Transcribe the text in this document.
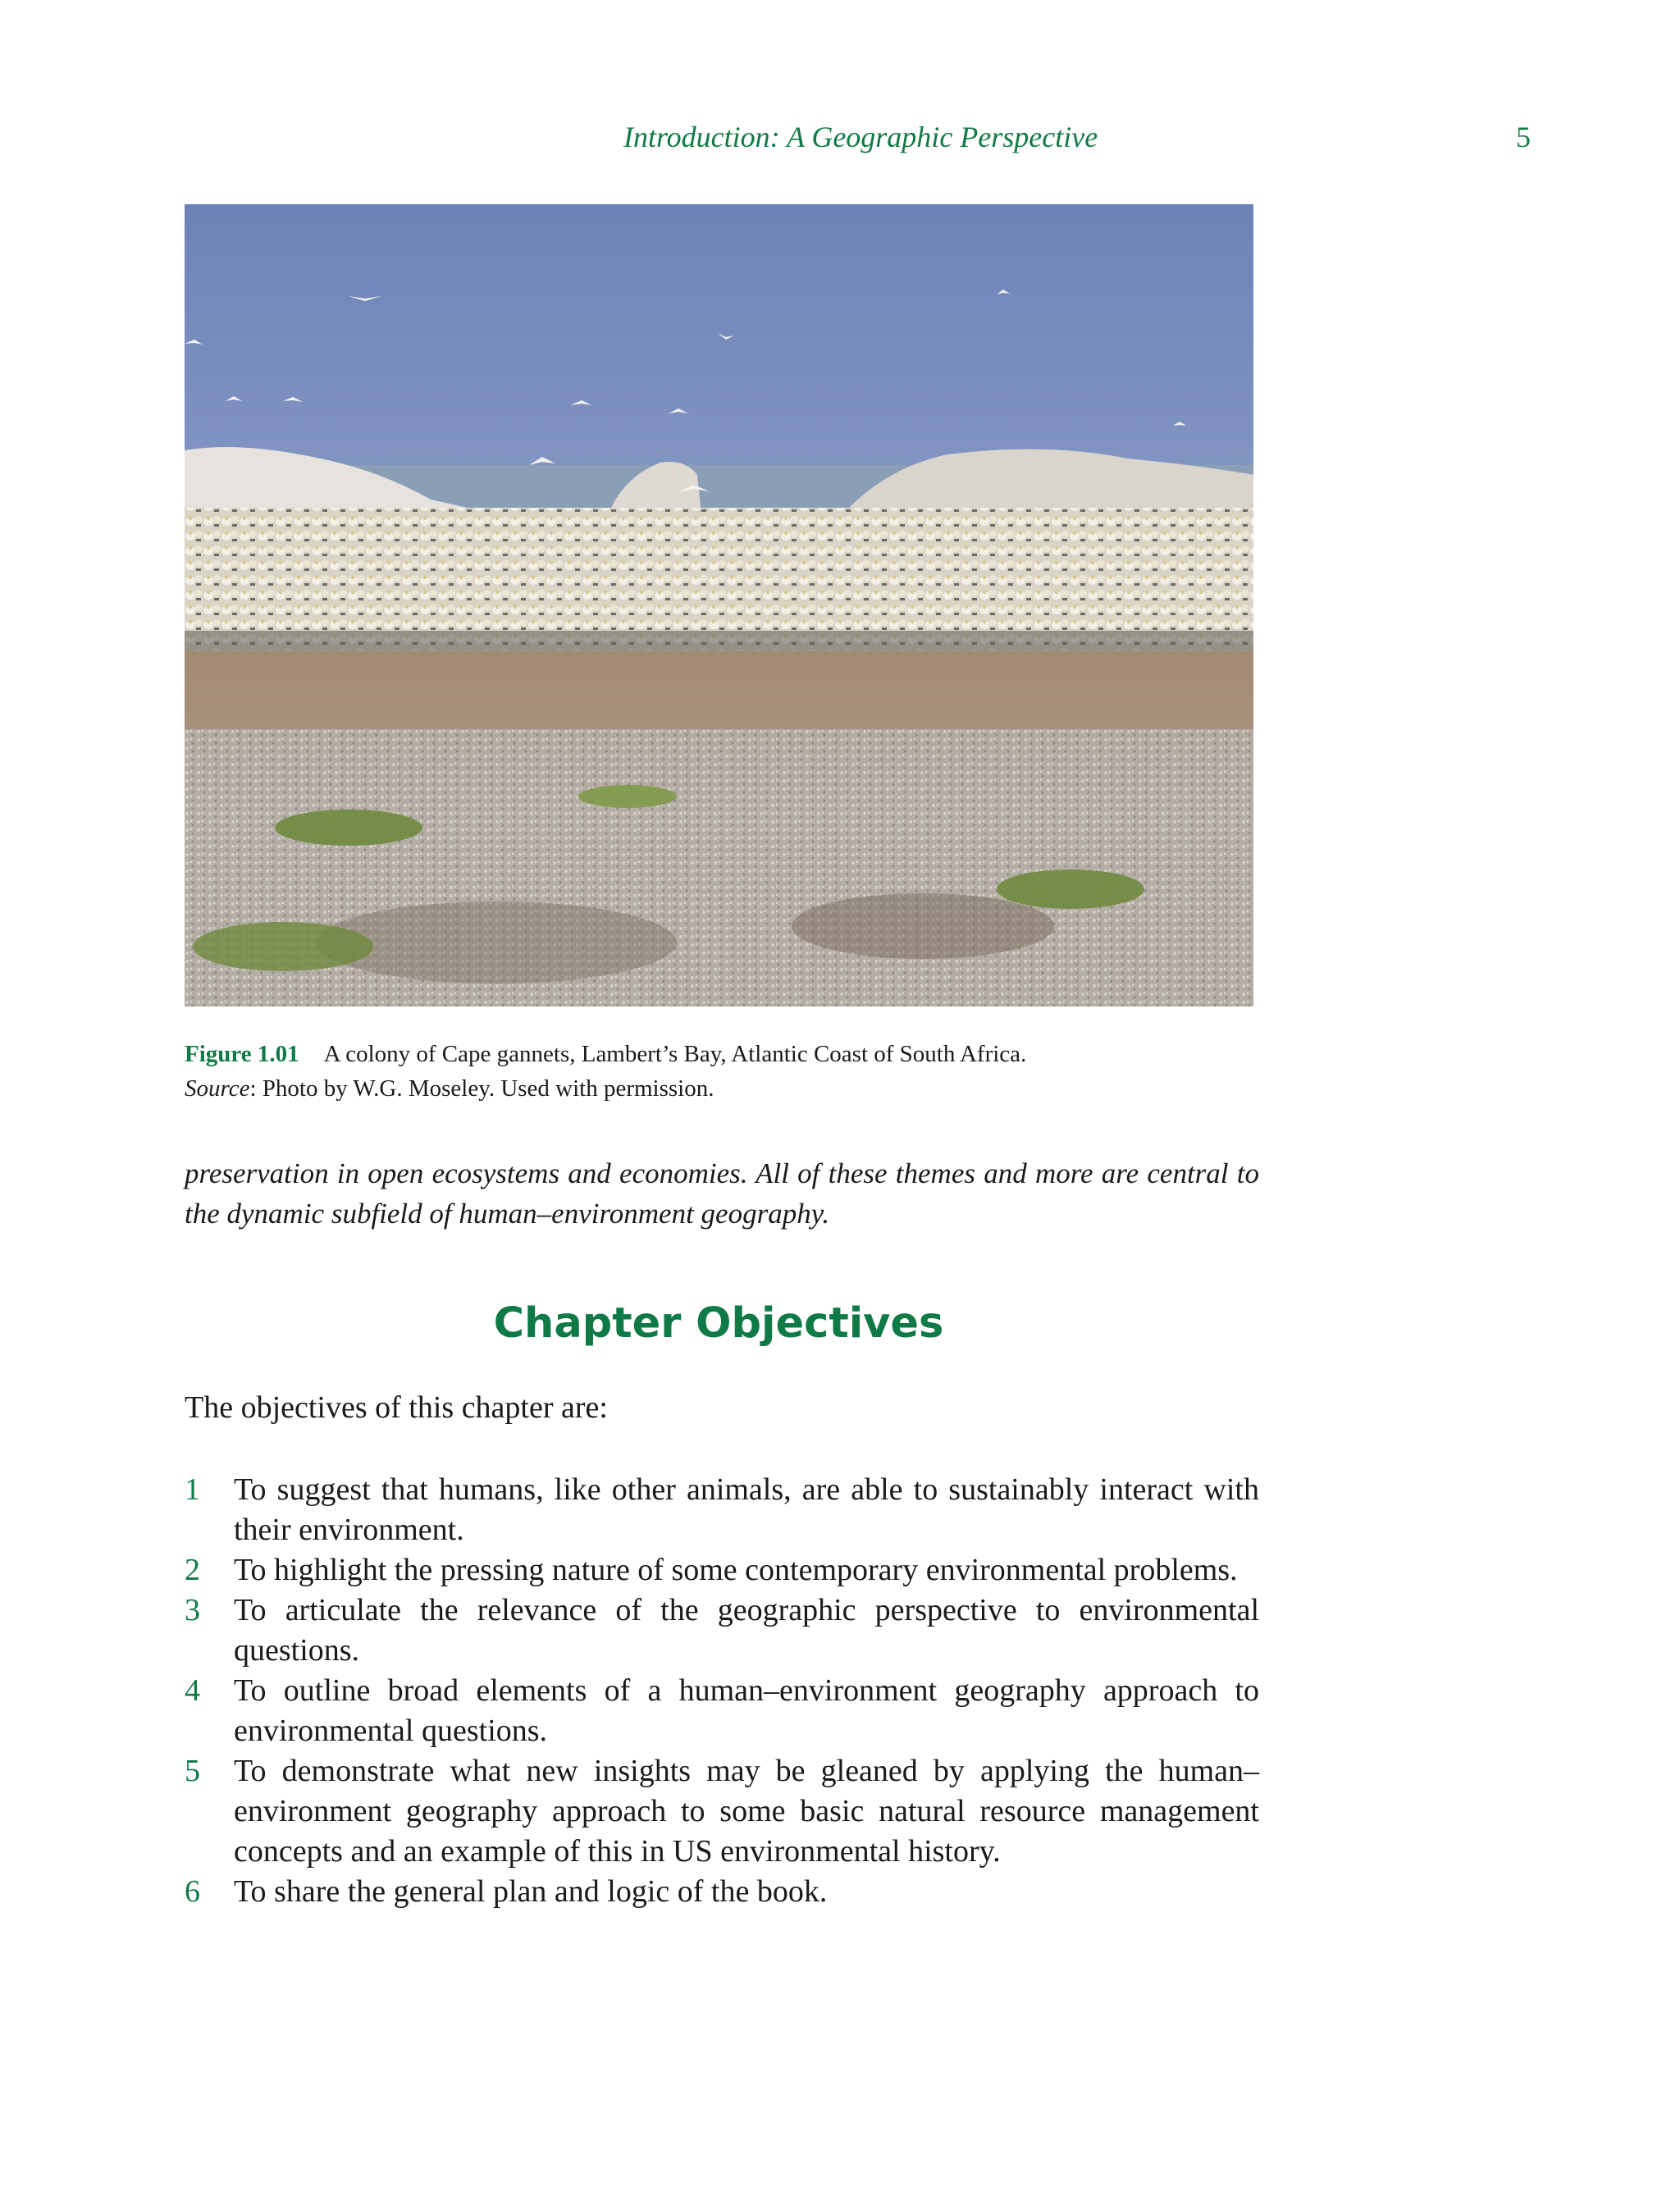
Introduction: A Geographic Perspective	5
Figure 1.01 A colony of Cape gannets, Lambert’s Bay, Atlantic Coast of South Africa.
Source: Photo by W.G. Moseley. Used with permission.

preservation in open ecosystems and economies. All of these themes and more are central to the dynamic subfield of human–environment geography.

Chapter Objectives

The objectives of this chapter are:

1 To suggest that humans, like other animals, are able to sustainably interact with their environment.
2 To highlight the pressing nature of some contemporary environmental problems.
3 To articulate the relevance of the geographic perspective to environmental questions.
4 To outline broad elements of a human–environment geography approach to environmental questions.
5 To demonstrate what new insights may be gleaned by applying the human–environment geography approach to some basic natural resource management concepts and an example of this in US environmental history.
6 To share the general plan and logic of the book.
